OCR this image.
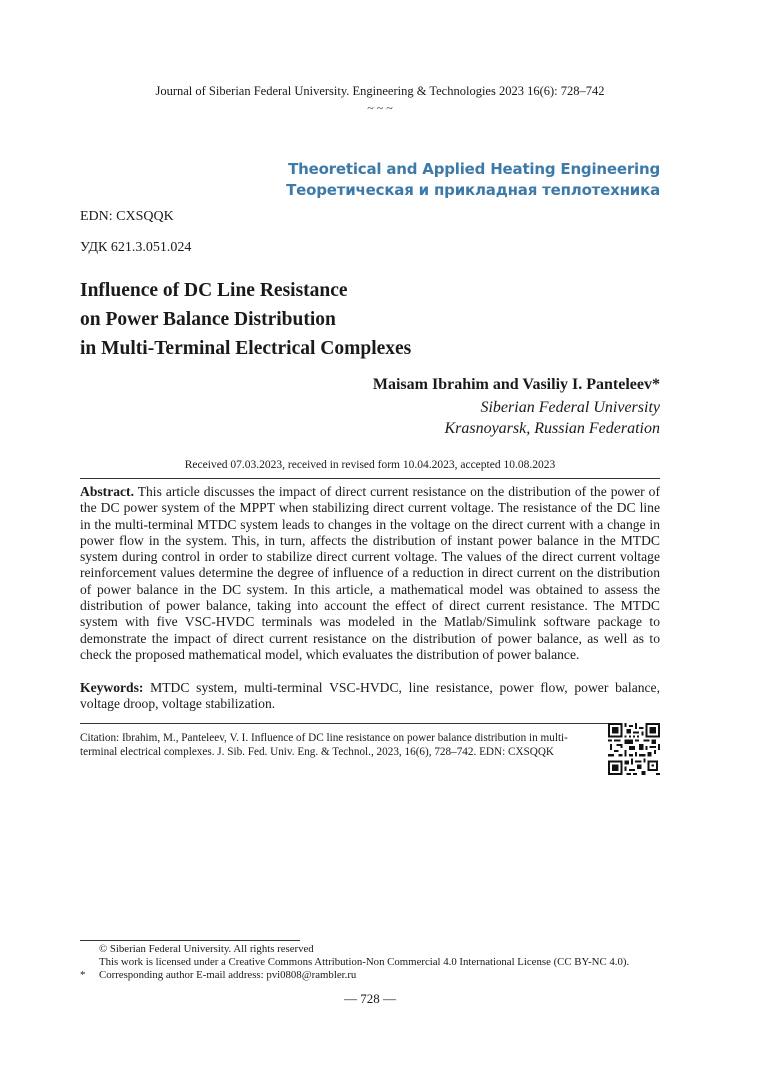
Journal of Siberian Federal University. Engineering & Technologies 2023 16(6): 728–742
~ ~ ~
Theoretical and Applied Heating Engineering
Теоретическая и прикладная теплотехника
EDN: CXSQQK
УДК 621.3.051.024
Influence of DC Line Resistance
on Power Balance Distribution
in Multi-Terminal Electrical Complexes
Maisam Ibrahim and Vasiliy I. Panteleev*
Siberian Federal University
Krasnoyarsk, Russian Federation
Received 07.03.2023, received in revised form 10.04.2023, accepted 10.08.2023
Abstract. This article discusses the impact of direct current resistance on the distribution of the power of the DC power system of the MPPT when stabilizing direct current voltage. The resistance of the DC line in the multi-terminal MTDC system leads to changes in the voltage on the direct current with a change in power flow in the system. This, in turn, affects the distribution of instant power balance in the MTDC system during control in order to stabilize direct current voltage. The values of the direct current voltage reinforcement values determine the degree of influence of a reduction in direct current on the distribution of power balance in the DC system. In this article, a mathematical model was obtained to assess the distribution of power balance, taking into account the effect of direct current resistance. The MTDC system with five VSC-HVDC terminals was modeled in the Matlab/Simulink software package to demonstrate the impact of direct current resistance on the distribution of power balance, as well as to check the proposed mathematical model, which evaluates the distribution of power balance.
Keywords: MTDC system, multi-terminal VSC-HVDC, line resistance, power flow, power balance, voltage droop, voltage stabilization.
Citation: Ibrahim, M., Panteleev, V. I. Influence of DC line resistance on power balance distribution in multi-terminal electrical complexes. J. Sib. Fed. Univ. Eng. & Technol., 2023, 16(6), 728–742. EDN: CXSQQK
© Siberian Federal University. All rights reserved
This work is licensed under a Creative Commons Attribution-Non Commercial 4.0 International License (CC BY-NC 4.0).
* Corresponding author E-mail address: pvi0808@rambler.ru
— 728 —
